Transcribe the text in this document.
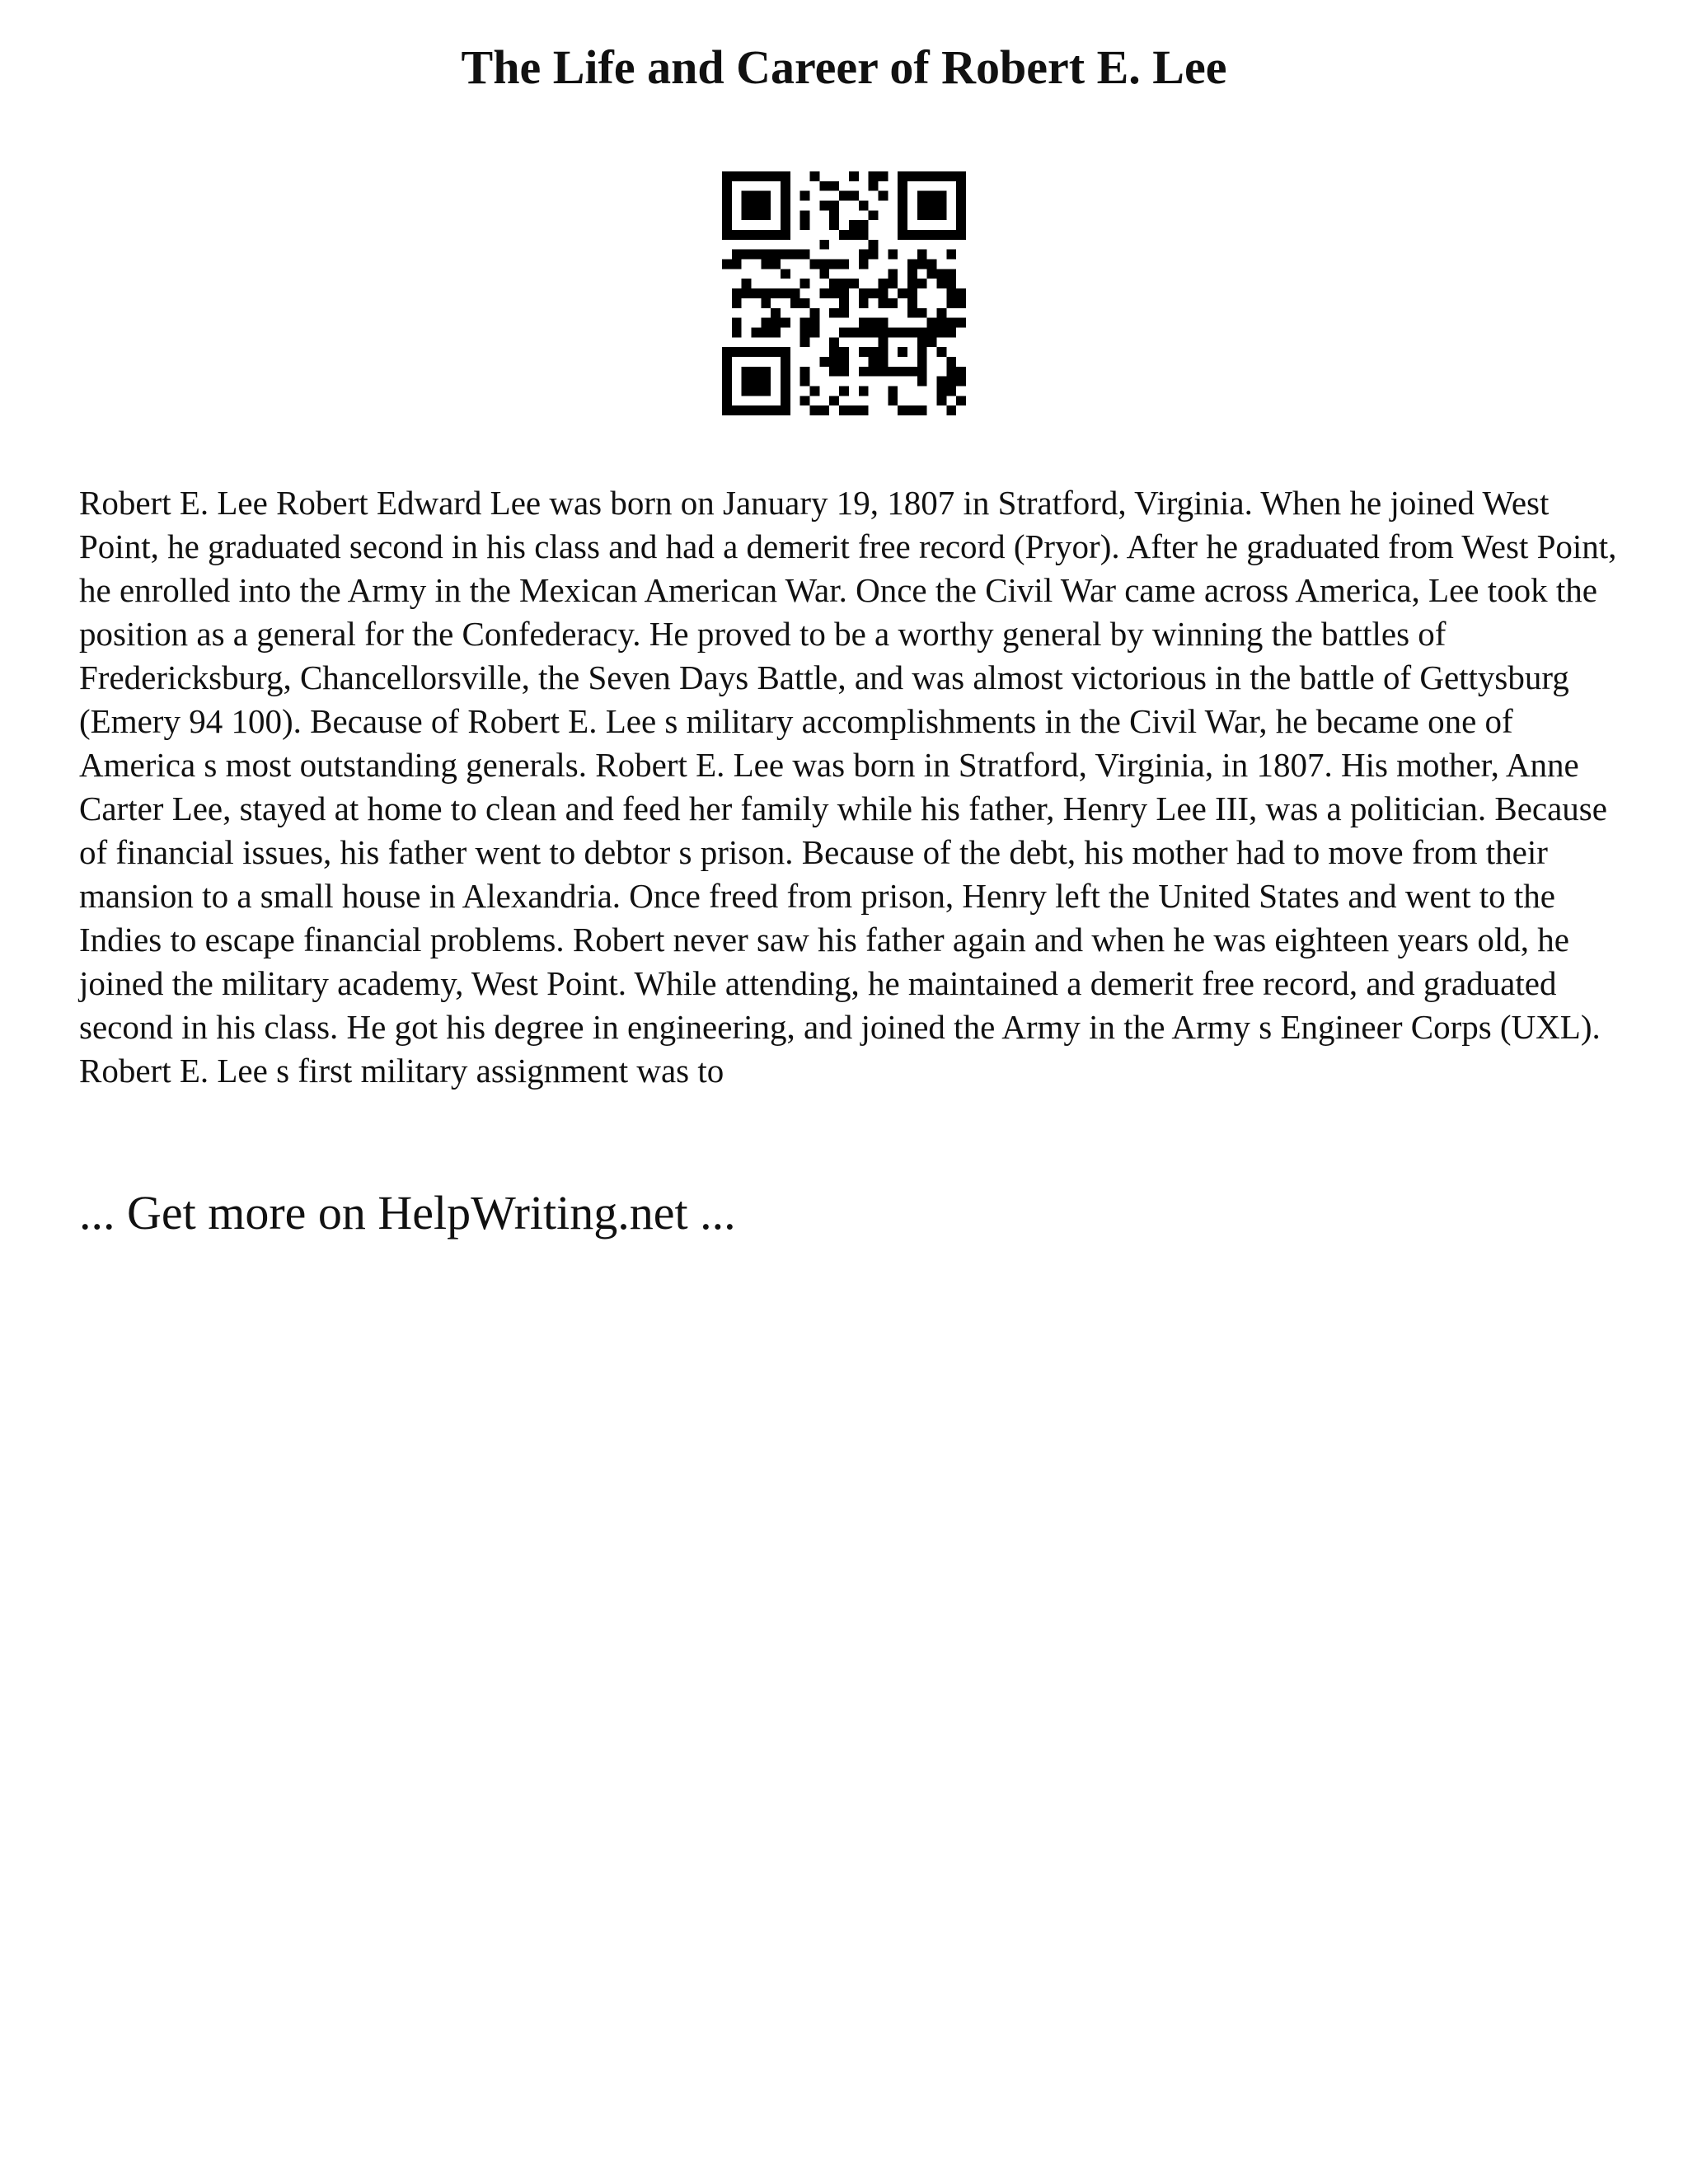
The Life and Career of Robert E. Lee

Robert E. Lee Robert Edward Lee was born on January 19, 1807 in Stratford, Virginia. When he joined West Point, he graduated second in his class and had a demerit free record (Pryor). After he graduated from West Point, he enrolled into the Army in the Mexican American War. Once the Civil War came across America, Lee took the position as a general for the Confederacy. He proved to be a worthy general by winning the battles of Fredericksburg, Chancellorsville, the Seven Days Battle, and was almost victorious in the battle of Gettysburg (Emery 94 100). Because of Robert E. Lee s military accomplishments in the Civil War, he became one of America s most outstanding generals. Robert E. Lee was born in Stratford, Virginia, in 1807. His mother, Anne Carter Lee, stayed at home to clean and feed her family while his father, Henry Lee III, was a politician. Because of financial issues, his father went to debtor s prison. Because of the debt, his mother had to move from their mansion to a small house in Alexandria. Once freed from prison, Henry left the United States and went to the Indies to escape financial problems. Robert never saw his father again and when he was eighteen years old, he joined the military academy, West Point. While attending, he maintained a demerit free record, and graduated second in his class. He got his degree in engineering, and joined the Army in the Army s Engineer Corps (UXL). Robert E. Lee s first military assignment was to

... Get more on HelpWriting.net ...
